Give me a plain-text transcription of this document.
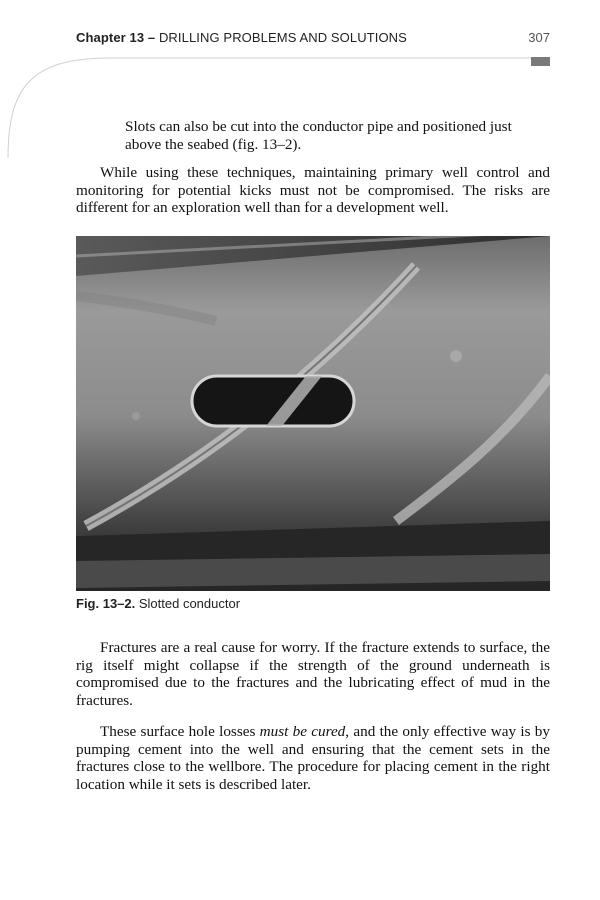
Chapter 13 – DRILLING PROBLEMS AND SOLUTIONS	307

Slots can also be cut into the conductor pipe and positioned just above the seabed (fig. 13–2).

While using these techniques, maintaining primary well control and monitoring for potential kicks must not be compromised. The risks are different for an exploration well than for a development well.

Fig. 13–2. Slotted conductor

Fractures are a real cause for worry. If the fracture extends to surface, the rig itself might collapse if the strength of the ground underneath is compromised due to the fractures and the lubricating effect of mud in the fractures.

These surface hole losses must be cured, and the only effective way is by pumping cement into the well and ensuring that the cement sets in the fractures close to the wellbore. The procedure for placing cement in the right location while it sets is described later.
